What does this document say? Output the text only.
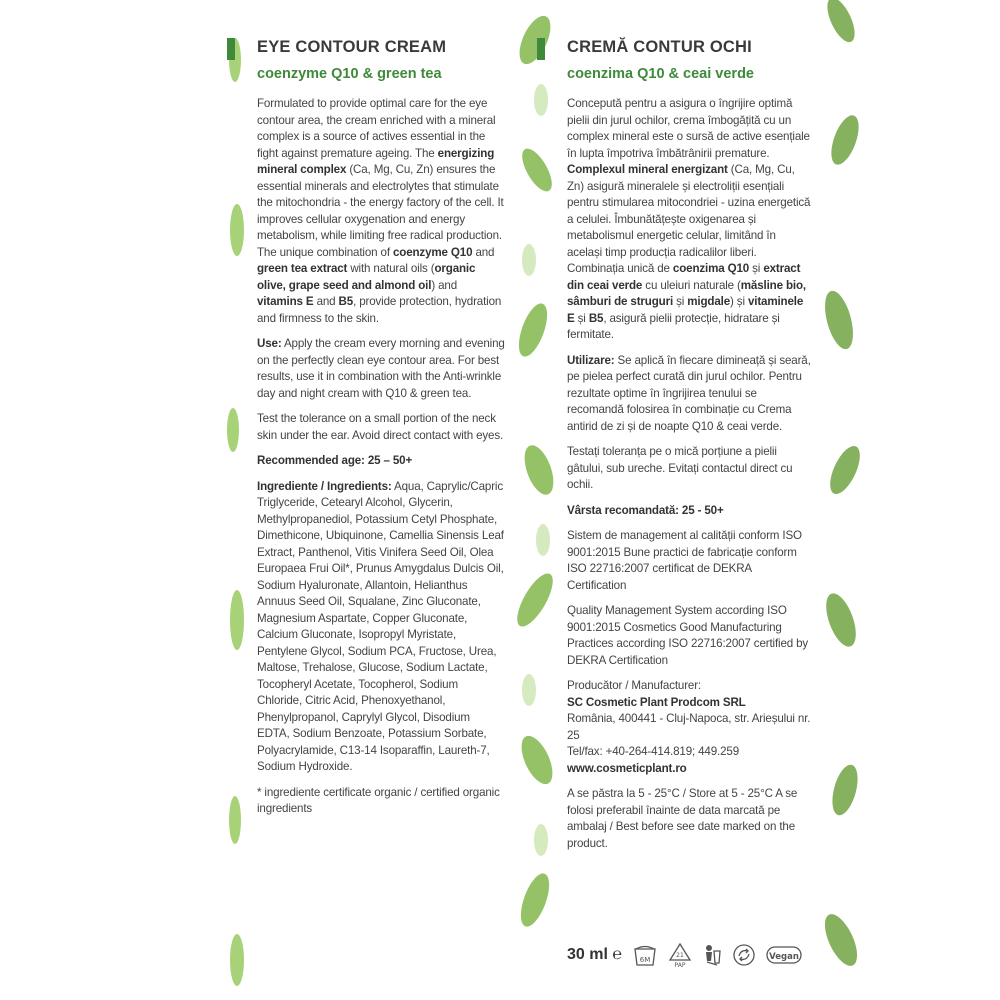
EYE CONTOUR CREAM
coenzyme Q10 & green tea

Formulated to provide optimal care for the eye contour area, the cream enriched with a mineral complex is a source of actives essential in the fight against premature ageing. The energizing mineral complex (Ca, Mg, Cu, Zn) ensures the essential minerals and electrolytes that stimulate the mitochondria - the energy factory of the cell. It improves cellular oxygenation and energy metabolism, while limiting free radical production. The unique combination of coenzyme Q10 and green tea extract with natural oils (organic olive, grape seed and almond oil) and vitamins E and B5, provide protection, hydration and firmness to the skin.

Use: Apply the cream every morning and evening on the perfectly clean eye contour area. For best results, use it in combination with the Anti-wrinkle day and night cream with Q10 & green tea.

Test the tolerance on a small portion of the neck skin under the ear. Avoid direct contact with eyes.

Recommended age: 25 – 50+

Ingrediente / Ingredients: Aqua, Caprylic/Capric Triglyceride, Cetearyl Alcohol, Glycerin, Methylpropanediol, Potassium Cetyl Phosphate, Dimethicone, Ubiquinone, Camellia Sinensis Leaf Extract, Panthenol, Vitis Vinifera Seed Oil, Olea Europaea Frui Oil*, Prunus Amygdalus Dulcis Oil, Sodium Hyaluronate, Allantoin, Helianthus Annuus Seed Oil, Squalane, Zinc Gluconate, Magnesium Aspartate, Copper Gluconate, Calcium Gluconate, Isopropyl Myristate, Pentylene Glycol, Sodium PCA, Fructose, Urea, Maltose, Trehalose, Glucose, Sodium Lactate, Tocopheryl Acetate, Tocopherol, Sodium Chloride, Citric Acid, Phenoxyethanol, Phenylpropanol, Caprylyl Glycol, Disodium EDTA, Sodium Benzoate, Potassium Sorbate, Polyacrylamide, C13-14 Isoparaffin, Laureth-7, Sodium Hydroxide.

* ingrediente certificate organic / certified organic ingredients

CREMĂ CONTUR OCHI
coenzima Q10 & ceai verde

Concepută pentru a asigura o îngrijire optimă pielii din jurul ochilor, crema îmbogățită cu un complex mineral este o sursă de active esențiale în lupta împotriva îmbătrânirii premature. Complexul mineral energizant (Ca, Mg, Cu, Zn) asigură mineralele și electroliții esențiali pentru stimularea mitocondriei - uzina energetică a celulei. Îmbunătățește oxigenarea și metabolismul energetic celular, limitând în același timp producția radicalilor liberi. Combinația unică de coenzima Q10 și extract din ceai verde cu uleiuri naturale (măsline bio, sâmburi de struguri și migdale) și vitaminele E și B5, asigură pielii protecție, hidratare și fermitate.

Utilizare: Se aplică în fiecare dimineață și seară, pe pielea perfect curată din jurul ochilor. Pentru rezultate optime în îngrijirea tenului se recomandă folosirea în combinație cu Crema antirid de zi și de noapte Q10 & ceai verde.

Testați toleranța pe o mică porțiune a pielii gâtului, sub ureche. Evitați contactul direct cu ochii.

Vârsta recomandată: 25 - 50+

Sistem de management al calității conform ISO 9001:2015 Bune practici de fabricație conform ISO 22716:2007 certificat de DEKRA Certification

Quality Management System according ISO 9001:2015 Cosmetics Good Manufacturing Practices according ISO 22716:2007 certified by DEKRA Certification

Producător / Manufacturer:
SC Cosmetic Plant Prodcom SRL
România, 400441 - Cluj-Napoca, str. Arieșului nr. 25
Tel/fax: +40-264-414.819; 449.259
www.cosmeticplant.ro

A se păstra la 5 - 25°C / Store at 5 - 25°C A se folosi preferabil înainte de data marcată pe ambalaj / Best before see date marked on the product.

30 ml ℮	6M
21
PAP
Vegan
